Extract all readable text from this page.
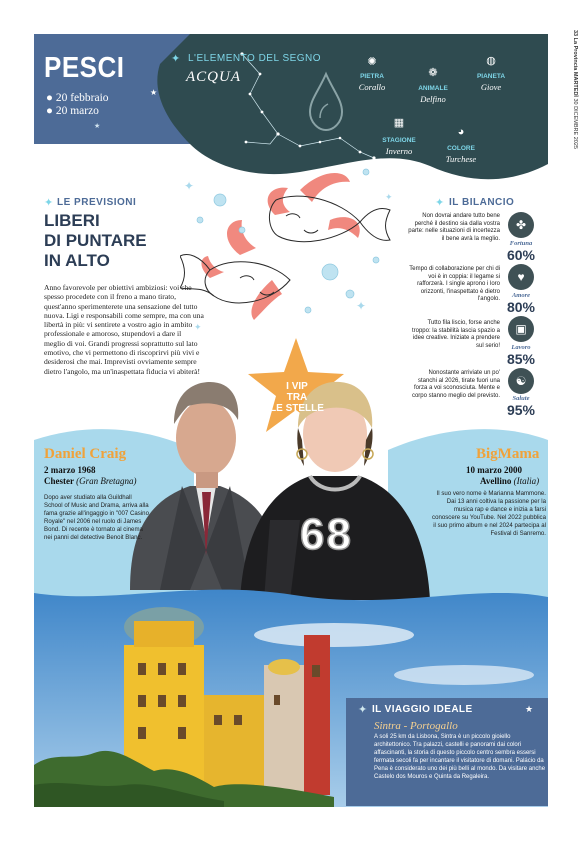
33 La Provincia MARTEDÌ 30 DICEMBRE 2025
PESCI
● 20 febbraio
● 20 marzo
★
★
✦ L'ELEMENTO DEL SEGNO
ACQUA
✺
PIETRA
Corallo
❁
ANIMALE
Delfino
◍
PIANETA
Giove
▦
STAGIONE
Inverno
◕
COLORE
Turchese
✦
✦
✦
✦
✦ LE PREVISIONI
LIBERI
DI PUNTARE
IN ALTO
Anno favorevole per obiettivi ambiziosi: voi che spesso procedete con il freno a mano tirato, quest'anno sperimenterete una sensazione del tutto nuova. Ligi e responsabili come sempre, ma con una libertà in più: vi sentirete a vostro agio in ambito professionale e amoroso, stupendovi a dare il meglio di voi. Grandi progressi soprattutto sul lato emotivo, che vi permettono di riscoprirvi più vivi e desiderosi che mai. Imprevisti ovviamente sempre dietro l'angolo, ma un'inaspettata fiducia vi abiterà!
✦ IL BILANCIO
Non dovrai andare tutto bene perché il destino sia dalla vostra parte: nelle situazioni di incertezza il bene avrà la meglio.
✤
Fortuna
60%
Tempo di collaborazione per chi di voi è in coppia: il legame si rafforzerà. I single aprono i loro orizzonti, l'inaspettato è dietro l'angolo.
♥
Amore
80%
Tutto fila liscio, forse anche troppo: la stabilità lascia spazio a idee creative. Iniziate a prendere sul serio!
▣
Lavoro
85%
Nonostante arriviate un po' stanchi al 2026, tirate fuori una forza a voi sconosciuta. Mente e corpo stanno meglio del previsto.
☯
Salute
95%
68
I VIP
TRA
LE STELLE
Daniel Craig
2 marzo 1968
Chester (Gran Bretagna)
Dopo aver studiato alla Guildhall School of Music and Drama, arriva alla fama grazie all'ingaggio in "007 Casino Royale" nel 2006 nel ruolo di James Bond. Di recente è tornato al cinema nei panni del detective Benoit Blanc.
BigMama
10 marzo 2000
Avellino (Italia)
Il suo vero nome è Marianna Mammone. Dai 13 anni coltiva la passione per la musica rap e dance e inizia a farsi conoscere su YouTube. Nel 2022 pubblica il suo primo album e nel 2024 partecipa al Festival di Sanremo.
✦ IL VIAGGIO IDEALE	★
Sintra - Portogallo
A soli 25 km da Lisbona, Sintra è un piccolo gioiello architettonico. Tra palazzi, castelli e panorami dai colori affascinanti, la storia di questo piccolo centro sembra essersi fermata secoli fa per incantare il visitatore di domani. Palácio da Pena è considerato uno dei più belli al mondo. Da visitare anche Castelo dos Mouros e Quinta da Regaleira.
